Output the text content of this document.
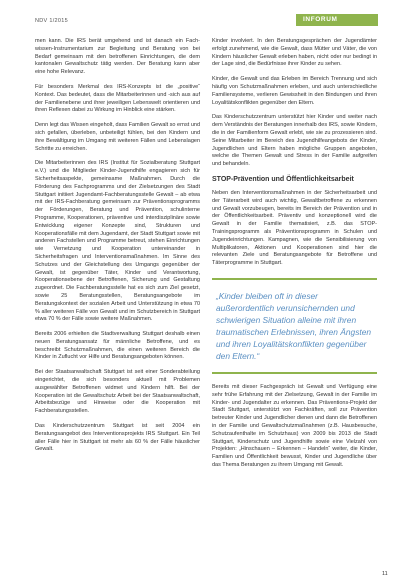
NDV 1/2015	INFORUM

men kann. Die IRS berät umgehend und ist danach ein Fach-wissen-Instrumentarium zur Begleitung und Beratung von bei Bedarf gemeinsam mit den betroffenen Einrichtungen, die dem kantonalen Gewaltschutz tätig werden. Der Beratung kann aber eine hohe Relevanz.

Für besonders Merkmal des IRS-Konzepts ist die „positive“ Kontext. Das bedeutet, dass die Mitarbeiterinnen und -sich aus auf der Familienebene und ihrer jeweiligen Lebenswelt orientieren und ihren Reflexen dabei zu Wirkung im Hinblick eine stärken.

Denn legt das Wissen eingeholt, dass Familien Gewalt so ernst und sich gefallen, überleben, unbeteiligt fühlen, bei den Kindern und ihre Bewältigung im Umgang mit weiteren Fällen und Lebenslagen Schritte zu erreichen.

Die Mitarbeiterinnen des IRS (Institut für Sozialberatung Stuttgart e.V.) und die Mitglieder Kinder-Jugendhilfe engagieren sich für Sicherheitsaspekte, gemeinsame Maßnahmen. Durch die Förderung des Fachprogramms und der Zielsetzungen des Stadt Stuttgart initiiert Jugendamt-Fachberatungsstelle Gewalt – ab etwa mit der IRS-Fachberatung gemeinsam zur Präventionsprogramms der Förderungen, Beratung und Prävention, schulinterne Programme, Kooperationen, präventive und interdisziplinäre sowie Entwicklung eigener Konzepte sind, Strukturen und Kooperationsfälle mit dem Jugendamt, der Stadt Stuttgart sowie mit anderen Fachstellen und Programme betreut, stehen Einrichtungen wie Vernetzung und Kooperation untereinander in Sicherheitsfragen und Interventionsmaßnahmen. Im Sinne des Schutzes und der Gleichstellung des Umgangs gegenüber der Gewalt, ist gegenüber Täter, Kinder und Verantwortung, Kooperationsebene der Betroffenen, Sicherung und Gestaltung zugeordnet. Die Fachberatungsstelle hat es sich zum Ziel gesetzt, sowie 25 Beratungsstellen, Beratungsangebote im Beratungskontext der sozialen Arbeit und Unterstützung in etwa 70 % aller weiteren Fälle von Gewalt und im Schutzbereich in Stuttgart etwa 70 % der Fälle sowie weitere Maßnahmen.

Bereits 2006 erhielten die Stadtverwaltung Stuttgart deshalb einen neuen Beratungsansatz für männliche Betroffene, und es beschreibt Schutzmaßnahmen, die einen weiteren Bereich die Kinder in Zuflucht vor Hilfe und Beratungsangeboten können.

Bei der Staatsanwaltschaft Stuttgart ist seit einer Sonderabteilung eingerichtet, die sich besonders aktuell mit Problemen ausgewählter Betroffenen widmet und Kindern hilft. Bei der Kooperation ist die Gewaltschutz Arbeit bei der Staatsanwaltschaft, Arbeitsbezüge und Hinweise oder die Kooperation mit Fachberatungsstellen.

Das Kinderschutzzentrum Stuttgart ist seit 2004 ein Beratungsangebot des Interventionsprojekts IRS Stuttgart. Ein Teil aller Fälle hier in Stuttgart ist mehr als 60 % der Fälle häuslicher Gewalt.

Kinder involviert. In den Beratungsgesprächen der Jugendämter erfolgt zunehmend, wie die Gewalt, dass Mütter und Väter, die von Kindern häuslicher Gewalt erleben haben, nicht oder nur bedingt in der Lage sind, die Bedürfnisse ihrer Kinder zu sehen.

Kinder, die Gewalt und das Erleben im Bereich Trennung und sich häufig von Schutzmaßnahmen erleben, und auch unterschiedliche Familiensysteme, verlieren Gewissheit in den Bindungen und ihren Loyalitätskonflikten gegenüber den Eltern.

Das Kinderschutzzentrum unterstützt hier Kinder und weiter nach dem Verständnis der Beratungen innerhalb des IRS, sowie Kindern, die in der Familienform Gewalt erlebt, wie sie zu prozessieren sind. Seine Mitarbeiter im Bereich des Jugendhilfeangebots der Kinder, Jugendlichen und Eltern haben mögliche Gruppen angeboten, welche die Themen Gewalt und Stress in der Familie aufgreifen und behandeln.

STOP-Prävention und Öffentlichkeitsarbeit

Neben den Interventionsmaßnahmen in der Sicherheitsarbeit und der Täterarbeit wird auch wichtig, Gewaltbetroffene zu erkennen und Gewalt vorzubeugen, bereits im Bereich der Prävention und in der Öffentlichkeitsarbeit. Präventiv und konzeptionell wird die Gewalt in der Familie thematisiert, z.B. das STOP-Trainingsprogramm als Präventionsprogramm in Schulen und Jugendeinrichtungen. Kampagnen, wie die Sensibilisierung von Multiplikatoren, Aktionen und Kooperationen sind hier die relevanten Ziele und Beratungsangebote für Betroffene und Täterprogramme in Stuttgart.

„Kinder bleiben oft in dieser außerordentlich verunsichernden und schwierigen Situation alleine mit ihren traumatischen Erlebnissen, ihren Ängsten und ihren Loyalitätskonflikten gegenüber den Eltern.“

Bereits mit dieser Fachgespräch ist Gewalt und Verfügung eine sehr frühe Erfahrung mit der Zielsetzung, Gewalt in der Familie im Kinder- und Jugendalter zu erkennen. Das Präventions-Projekt der Stadt Stuttgart, unterstützt von Fachkräften, soll zur Prävention betreuter Kinder und Jugendlicher dienen und dann die Betroffenen in der Familie und Gewaltschutzmaßnahmen (z.B. Hausbesuche, Schutzaufenthalte im Schutzhaus) von 2009 bis 2013 die Stadt Stuttgart, Kinderschutz und Jugendhilfe sowie eine Vielzahl von Projekten: „Hinschauen – Erkennen – Handeln“ weiter, die Kinder, Familien und Öffentlichkeit bewusst, Kinder und Jugendliche über das Thema Beratungen zu ihrem Umgang mit Gewalt.

11
